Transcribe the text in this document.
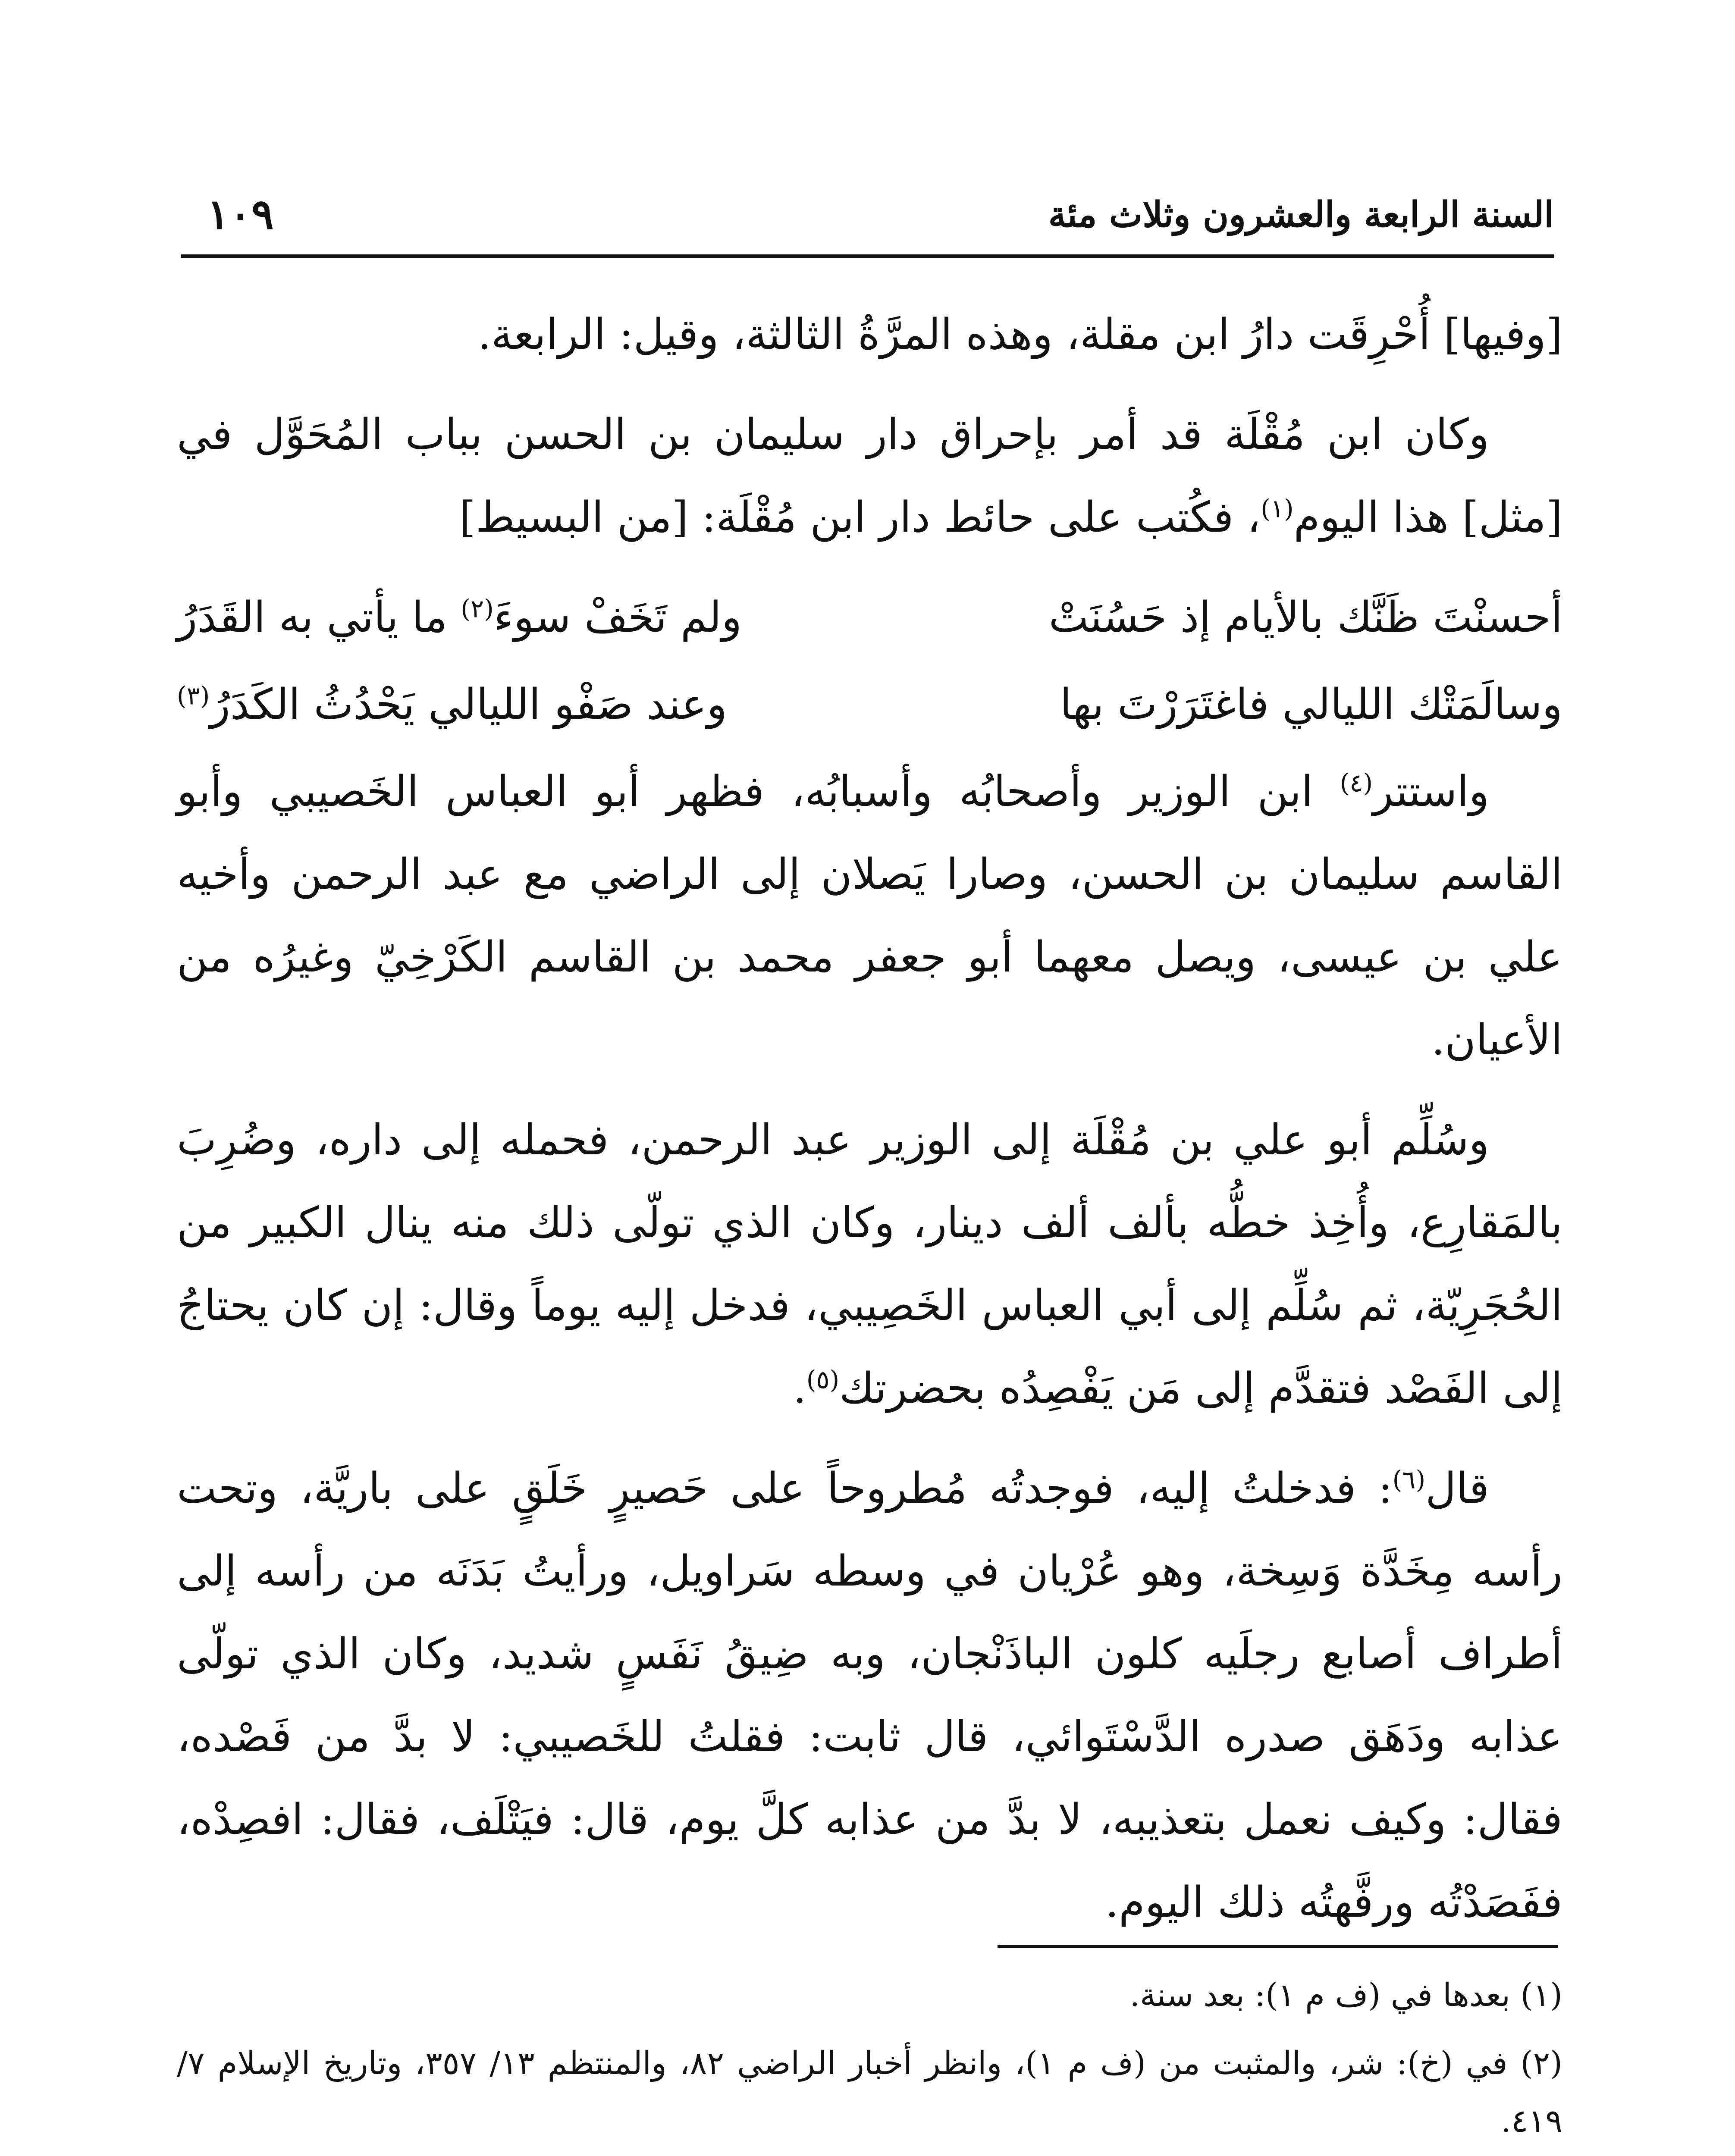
السنة الرابعة والعشرون وثلاث مئة
١٠٩

[وفيها] أُحْرِقَت دارُ ابن مقلة، وهذه المرَّةُ الثالثة، وقيل: الرابعة.

وكان ابن مُقْلَة قد أمر بإحراق دار سليمان بن الحسن بباب المُحَوَّل في [مثل] هذا اليوم$^{(١)}$، فكُتب على حائط دار ابن مُقْلَة: [من البسيط]

أحسنْتَ ظَنَّك بالأيام إذ حَسُنَتْ
ولم تَخَفْ سوءَ$^{(٢)}$ ما يأتي به القَدَرُ
وسالَمَتْك الليالي فاغتَرَرْتَ بها
وعند صَفْو الليالي يَحْدُثُ الكَدَرُ$^{(٣)}$

واستتر$^{(٤)}$ ابن الوزير وأصحابُه وأسبابُه، فظهر أبو العباس الخَصيبي وأبو القاسم سليمان بن الحسن، وصارا يَصلان إلى الراضي مع عبد الرحمن وأخيه علي بن عيسى، ويصل معهما أبو جعفر محمد بن القاسم الكَرْخِيّ وغيرُه من الأعيان.

وسُلِّم أبو علي بن مُقْلَة إلى الوزير عبد الرحمن، فحمله إلى داره، وضُرِبَ بالمَقارِع، وأُخِذ خطُّه بألف ألف دينار، وكان الذي تولّى ذلك منه ينال الكبير من الحُجَرِيّة، ثم سُلِّم إلى أبي العباس الخَصِيبي، فدخل إليه يوماً وقال: إن كان يحتاجُ إلى الفَصْد فتقدَّم إلى مَن يَفْصِدُه بحضرتك$^{(٥)}$.

قال$^{(٦)}$: فدخلتُ إليه، فوجدتُه مُطروحاً على حَصيرٍ خَلَقٍ على باريَّة، وتحت رأسه مِخَدَّة وَسِخة، وهو عُرْيان في وسطه سَراويل، ورأيتُ بَدَنَه من رأسه إلى أطراف أصابع رجلَيه كلون الباذَنْجان، وبه ضِيقُ نَفَسٍ شديد، وكان الذي تولّى عذابه ودَهَق صدره الدَّسْتَوائي، قال ثابت: فقلتُ للخَصيبي: لا بدَّ من فَصْده، فقال: وكيف نعمل بتعذيبه، لا بدَّ من عذابه كلَّ يوم، قال: فيَتْلَف، فقال: افصِدْه، ففَصَدْتُه ورفَّهتُه ذلك اليوم.

(١) بعدها في (ف م ١): بعد سنة.
(٢) في (خ): شر، والمثبت من (ف م ١)، وانظر أخبار الراضي ٨٢، والمنتظم ١٣/ ٣٥٧، وتاريخ الإسلام ٧/ ٤١٩.
